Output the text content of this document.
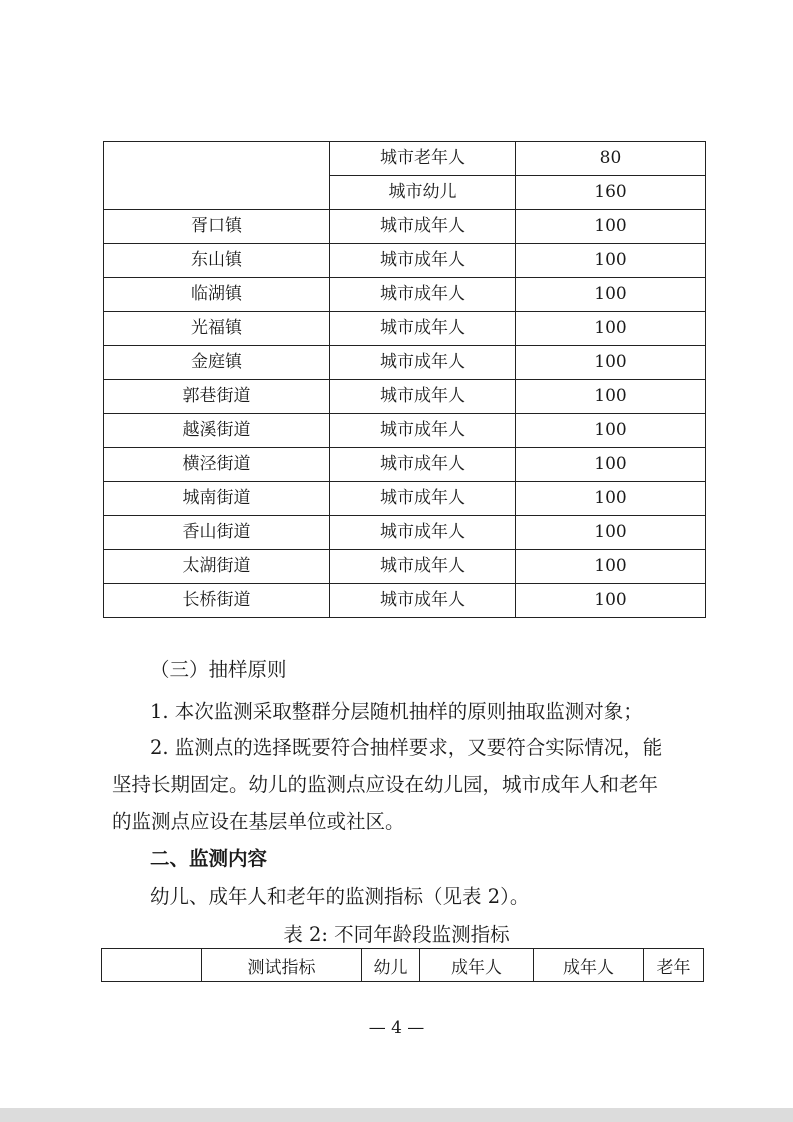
	城市老年人	80
	城市幼儿	160
胥口镇	城市成年人	100
东山镇	城市成年人	100
临湖镇	城市成年人	100
光福镇	城市成年人	100
金庭镇	城市成年人	100
郭巷街道	城市成年人	100
越溪街道	城市成年人	100
横泾街道	城市成年人	100
城南街道	城市成年人	100
香山街道	城市成年人	100
太湖街道	城市成年人	100
长桥街道	城市成年人	100
（三）抽样原则
1. 本次监测采取整群分层随机抽样的原则抽取监测对象；
2. 监测点的选择既要符合抽样要求，又要符合实际情况，能
坚持长期固定。幼儿的监测点应设在幼儿园，城市成年人和老年
的监测点应设在基层单位或社区。
二、监测内容
幼儿、成年人和老年的监测指标（见表 2）。
表 2: 不同年龄段监测指标
	测试指标	幼儿	成年人	成年人	老年
— 4 —
